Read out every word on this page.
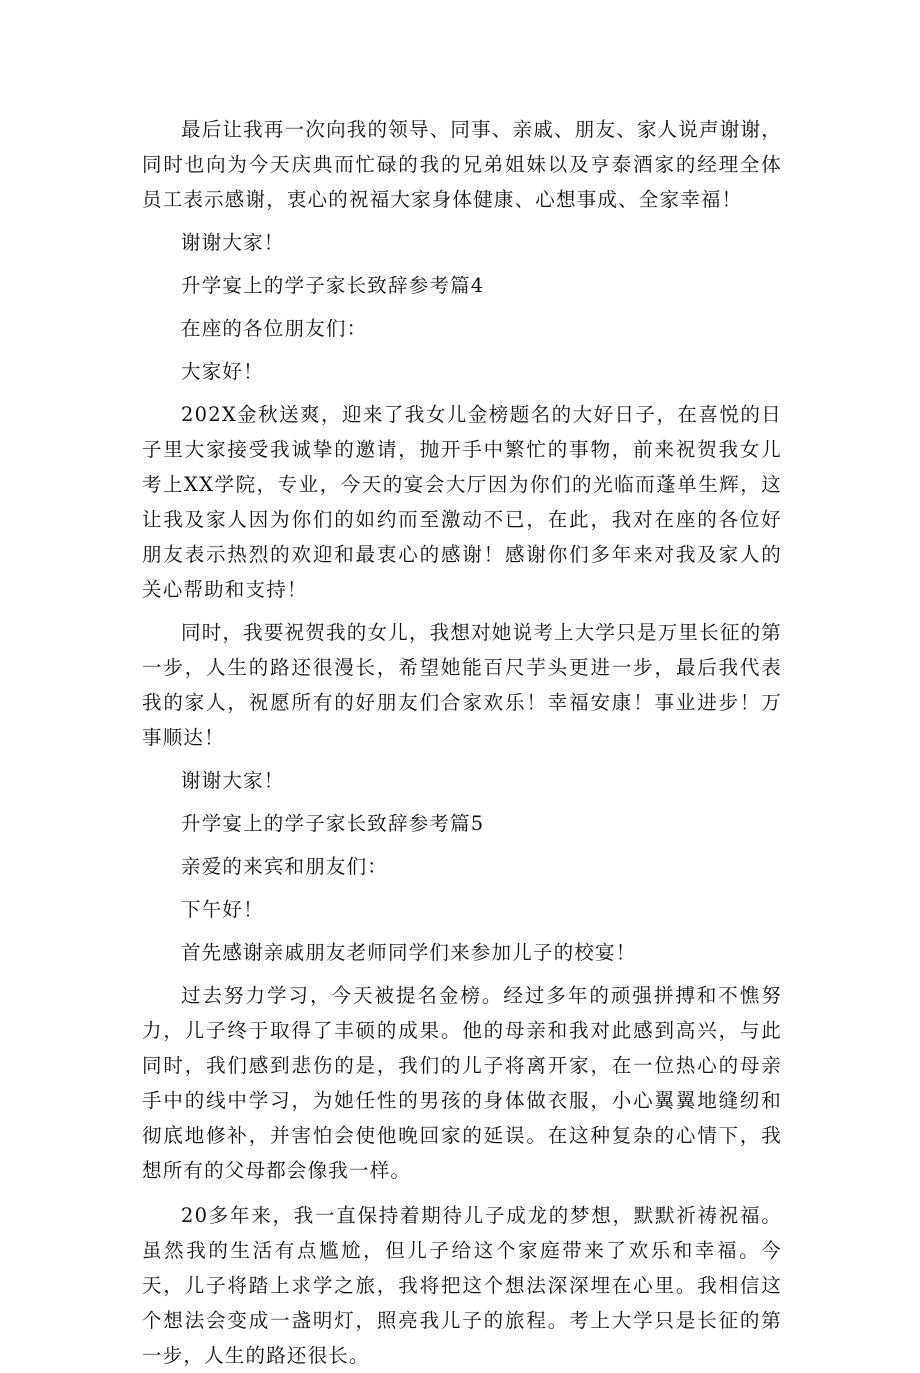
最后让我再一次向我的领导、同事、亲戚、朋友、家人说声谢谢，同时也向为今天庆典而忙碌的我的兄弟姐妹以及亨泰酒家的经理全体员工表示感谢，衷心的祝福大家身体健康、心想事成、全家幸福！

谢谢大家！

升学宴上的学子家长致辞参考篇4

在座的各位朋友们：

大家好！

202X金秋送爽，迎来了我女儿金榜题名的大好日子，在喜悦的日子里大家接受我诚挚的邀请，抛开手中繁忙的事物，前来祝贺我女儿考上XX学院，专业，今天的宴会大厅因为你们的光临而蓬单生辉，这让我及家人因为你们的如约而至激动不已，在此，我对在座的各位好朋友表示热烈的欢迎和最衷心的感谢！感谢你们多年来对我及家人的关心帮助和支持！

同时，我要祝贺我的女儿，我想对她说考上大学只是万里长征的第一步，人生的路还很漫长，希望她能百尺芋头更进一步，最后我代表我的家人，祝愿所有的好朋友们合家欢乐！幸福安康！事业进步！万事顺达！

谢谢大家！

升学宴上的学子家长致辞参考篇5

亲爱的来宾和朋友们：

下午好！

首先感谢亲戚朋友老师同学们来参加儿子的校宴！

过去努力学习，今天被提名金榜。经过多年的顽强拼搏和不憔努力，儿子终于取得了丰硕的成果。他的母亲和我对此感到高兴，与此同时，我们感到悲伤的是，我们的儿子将离开家，在一位热心的母亲手中的线中学习，为她任性的男孩的身体做衣服，小心翼翼地缝纫和彻底地修补，并害怕会使他晚回家的延误。在这种复杂的心情下，我想所有的父母都会像我一样。

20多年来，我一直保持着期待儿子成龙的梦想，默默祈祷祝福。虽然我的生活有点尴尬，但儿子给这个家庭带来了欢乐和幸福。今天，儿子将踏上求学之旅，我将把这个想法深深埋在心里。我相信这个想法会变成一盏明灯，照亮我儿子的旅程。考上大学只是长征的第一步，人生的路还很长。
